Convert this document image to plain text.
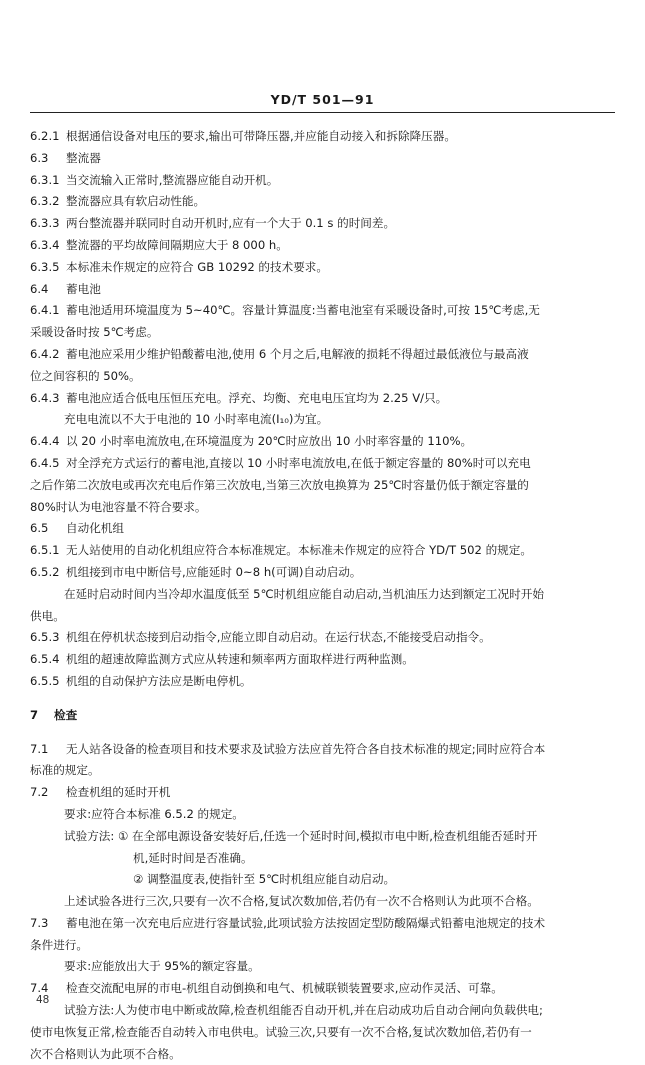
YD/T 501—91
6.2.1 根据通信设备对电压的要求,输出可带降压器,并应能自动接入和拆除降压器。
6.3 整流器
6.3.1 当交流输入正常时,整流器应能自动开机。
6.3.2 整流器应具有软启动性能。
6.3.3 两台整流器并联同时自动开机时,应有一个大于 0.1 s 的时间差。
6.3.4 整流器的平均故障间隔期应大于 8 000 h。
6.3.5 本标准未作规定的应符合 GB 10292 的技术要求。
6.4 蓄电池
6.4.1 蓄电池适用环境温度为 5~40℃。容量计算温度:当蓄电池室有采暖设备时,可按 15℃考虑,无
采暖设备时按 5℃考虑。
6.4.2 蓄电池应采用少维护铅酸蓄电池,使用 6 个月之后,电解液的损耗不得超过最低液位与最高液
位之间容积的 50%。
6.4.3 蓄电池应适合低电压恒压充电。浮充、均衡、充电电压宜均为 2.25 V/只。
充电电流以不大于电池的 10 小时率电流(I₁₀)为宜。
6.4.4 以 20 小时率电流放电,在环境温度为 20℃时应放出 10 小时率容量的 110%。
6.4.5 对全浮充方式运行的蓄电池,直接以 10 小时率电流放电,在低于额定容量的 80%时可以充电
之后作第二次放电或再次充电后作第三次放电,当第三次放电换算为 25℃时容量仍低于额定容量的
80%时认为电池容量不符合要求。
6.5 自动化机组
6.5.1 无人站使用的自动化机组应符合本标准规定。本标准未作规定的应符合 YD/T 502 的规定。
6.5.2 机组接到市电中断信号,应能延时 0~8 h(可调)自动启动。
在延时启动时间内当冷却水温度低至 5℃时机组应能自动启动,当机油压力达到额定工况时开始
供电。
6.5.3 机组在停机状态接到启动指令,应能立即自动启动。在运行状态,不能接受启动指令。
6.5.4 机组的超速故障监测方式应从转速和频率两方面取样进行两种监测。
6.5.5 机组的自动保护方法应是断电停机。
7 检查
7.1 无人站各设备的检查项目和技术要求及试验方法应首先符合各自技术标准的规定;同时应符合本
标准的规定。
7.2 检查机组的延时开机
要求:应符合本标准 6.5.2 的规定。
试验方法: ① 在全部电源设备安装好后,任选一个延时时间,模拟市电中断,检查机组能否延时开
机,延时时间是否准确。
② 调整温度表,使指针至 5℃时机组应能自动启动。
上述试验各进行三次,只要有一次不合格,复试次数加倍,若仍有一次不合格则认为此项不合格。
7.3 蓄电池在第一次充电后应进行容量试验,此项试验方法按固定型防酸隔爆式铅蓄电池规定的技术
条件进行。
要求:应能放出大于 95%的额定容量。
7.4 检查交流配电屏的市电-机组自动倒换和电气、机械联锁装置要求,应动作灵活、可靠。
试验方法:人为使市电中断或故障,检查机组能否自动开机,并在启动成功后自动合闸向负载供电;
使市电恢复正常,检查能否自动转入市电供电。试验三次,只要有一次不合格,复试次数加倍,若仍有一
次不合格则认为此项不合格。
48
